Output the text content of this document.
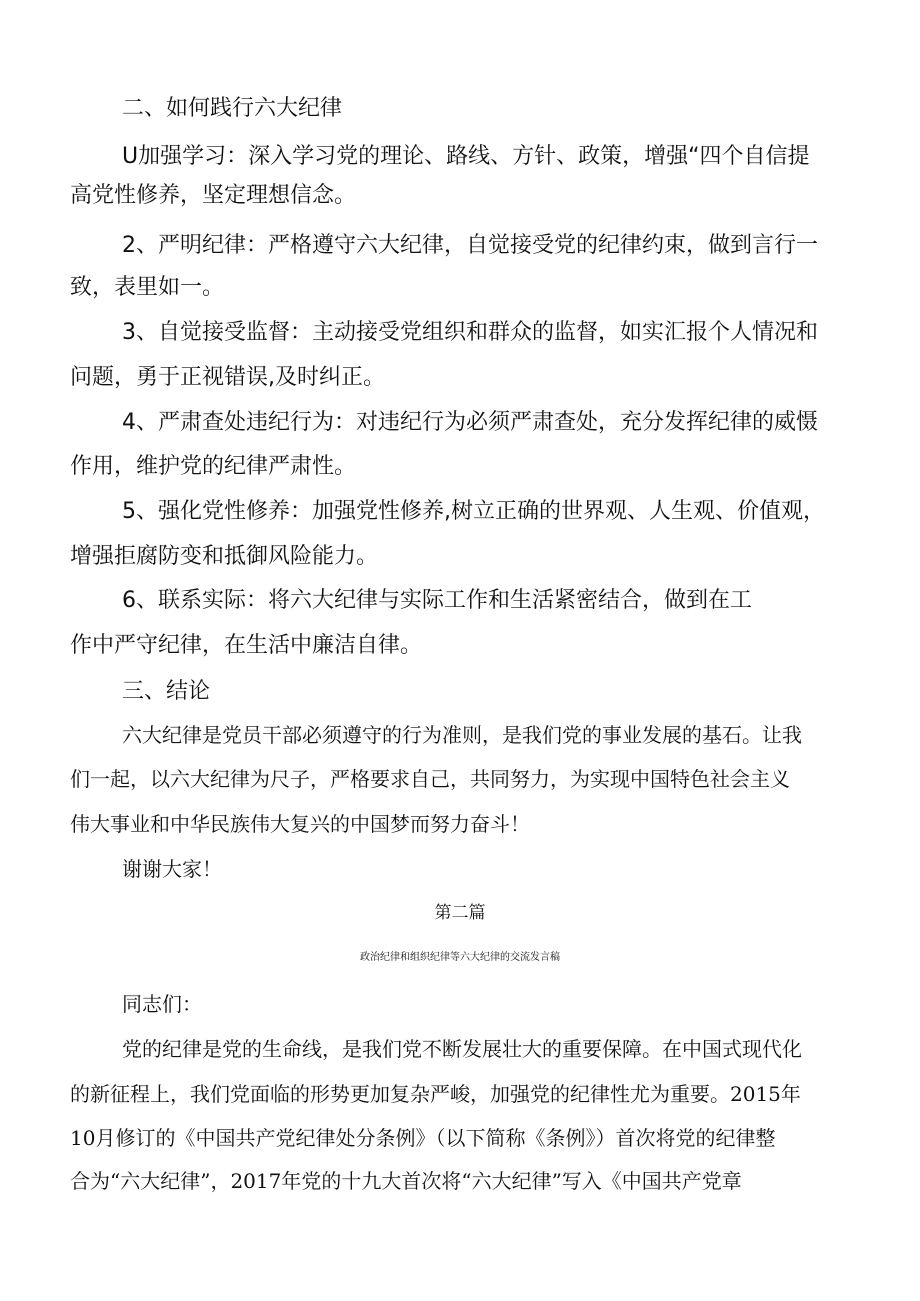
二、如何践行六大纪律

U加强学习：深入学习党的理论、路线、方针、政策，增强“四个自信提

高党性修养，坚定理想信念。

2、严明纪律：严格遵守六大纪律，自觉接受党的纪律约束，做到言行一

致，表里如一。

3、自觉接受监督：主动接受党组织和群众的监督，如实汇报个人情况和

问题，勇于正视错误,及时纠正。

4、严肃查处违纪行为：对违纪行为必须严肃查处，充分发挥纪律的威慑

作用，维护党的纪律严肃性。

5、强化党性修养：加强党性修养,树立正确的世界观、人生观、价值观，

增强拒腐防变和抵御风险能力。

6、联系实际：将六大纪律与实际工作和生活紧密结合，做到在工

作中严守纪律，在生活中廉洁自律。

三、结论

六大纪律是党员干部必须遵守的行为准则，是我们党的事业发展的基石。让我

们一起，以六大纪律为尺子，严格要求自己，共同努力，为实现中国特色社会主义

伟大事业和中华民族伟大复兴的中国梦而努力奋斗！

谢谢大家！

第二篇

政治纪律和组织纪律等六大纪律的交流发言稿

同志们：

党的纪律是党的生命线，是我们党不断发展壮大的重要保障。在中国式现代化

的新征程上，我们党面临的形势更加复杂严峻，加强党的纪律性尤为重要。2015年

10月修订的《中国共产党纪律处分条例》（以下简称《条例》）首次将党的纪律整

合为“六大纪律”，2017年党的十九大首次将“六大纪律”写入《中国共产党章
